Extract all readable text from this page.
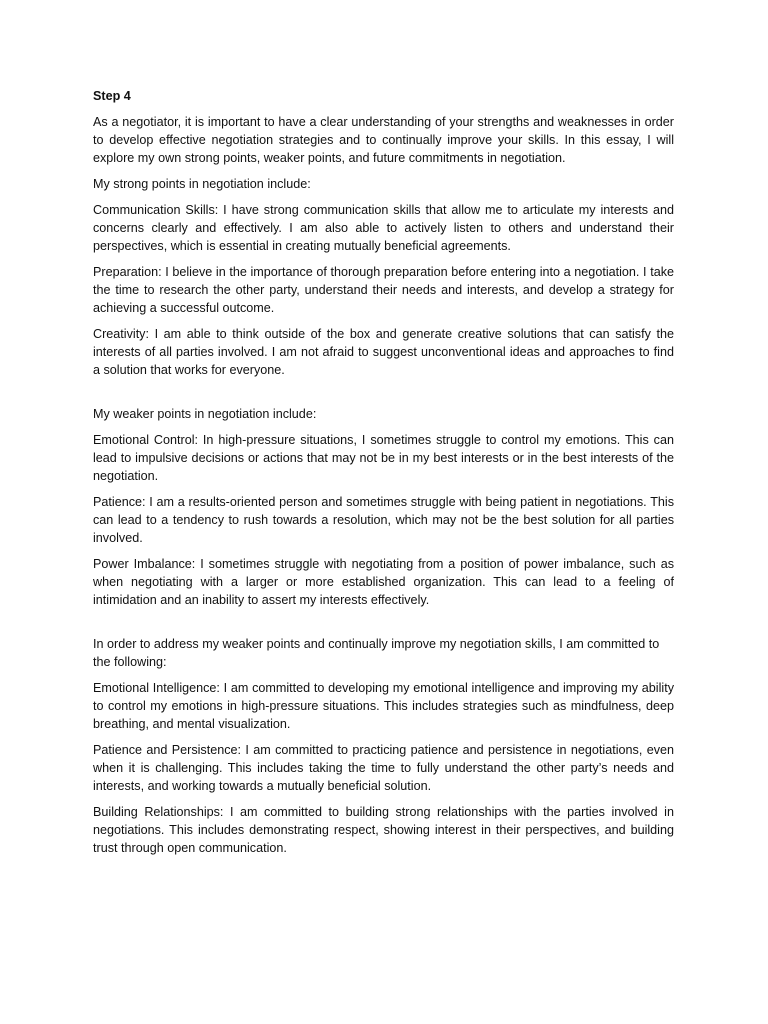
Step 4

As a negotiator, it is important to have a clear understanding of your strengths and weaknesses in order to develop effective negotiation strategies and to continually improve your skills. In this essay, I will explore my own strong points, weaker points, and future commitments in negotiation.

My strong points in negotiation include:

Communication Skills: I have strong communication skills that allow me to articulate my interests and concerns clearly and effectively. I am also able to actively listen to others and understand their perspectives, which is essential in creating mutually beneficial agreements.

Preparation: I believe in the importance of thorough preparation before entering into a negotiation. I take the time to research the other party, understand their needs and interests, and develop a strategy for achieving a successful outcome.

Creativity: I am able to think outside of the box and generate creative solutions that can satisfy the interests of all parties involved. I am not afraid to suggest unconventional ideas and approaches to find a solution that works for everyone.

My weaker points in negotiation include:

Emotional Control: In high-pressure situations, I sometimes struggle to control my emotions. This can lead to impulsive decisions or actions that may not be in my best interests or in the best interests of the negotiation.

Patience: I am a results-oriented person and sometimes struggle with being patient in negotiations. This can lead to a tendency to rush towards a resolution, which may not be the best solution for all parties involved.

Power Imbalance: I sometimes struggle with negotiating from a position of power imbalance, such as when negotiating with a larger or more established organization. This can lead to a feeling of intimidation and an inability to assert my interests effectively.

In order to address my weaker points and continually improve my negotiation skills, I am committed to the following:

Emotional Intelligence: I am committed to developing my emotional intelligence and improving my ability to control my emotions in high-pressure situations. This includes strategies such as mindfulness, deep breathing, and mental visualization.

Patience and Persistence: I am committed to practicing patience and persistence in negotiations, even when it is challenging. This includes taking the time to fully understand the other party’s needs and interests, and working towards a mutually beneficial solution.

Building Relationships: I am committed to building strong relationships with the parties involved in negotiations. This includes demonstrating respect, showing interest in their perspectives, and building trust through open communication.
